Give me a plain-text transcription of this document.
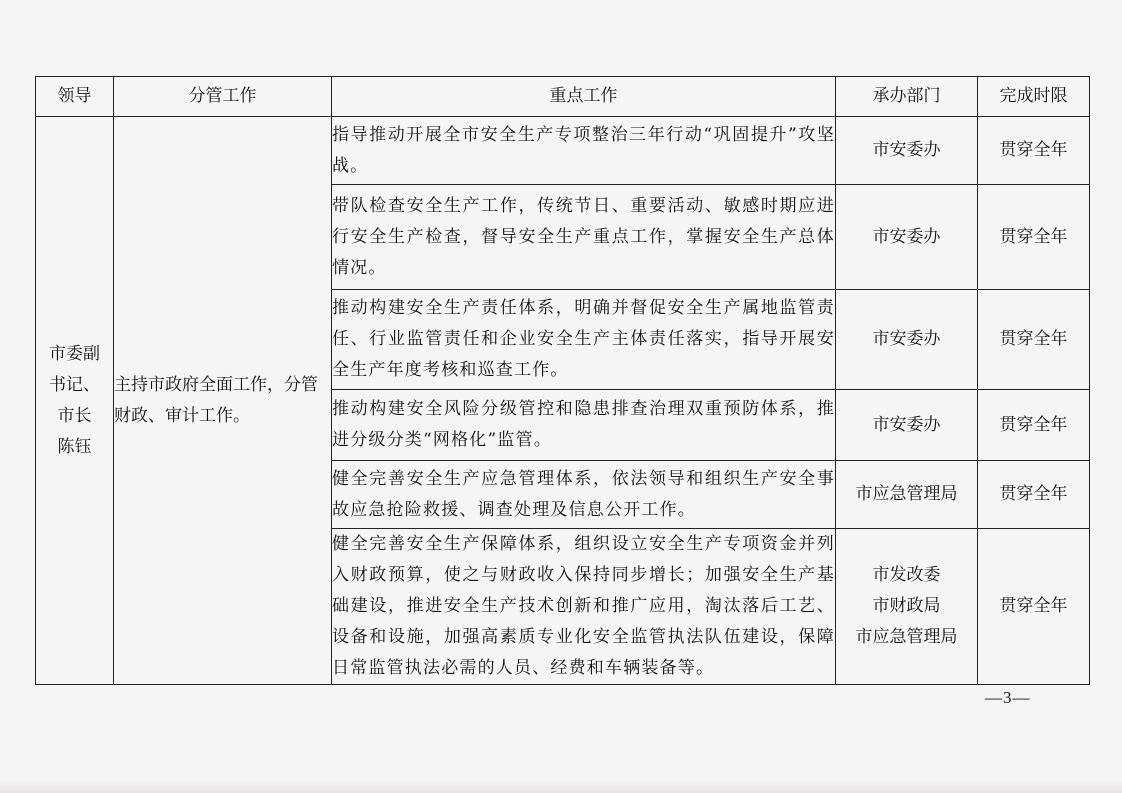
领导	分管工作	重点工作	承办部门	完成时限

市委副
书记、
市长
陈钰	主持市政府全面工作，分管财政、审计工作。	指导推动开展全市安全生产专项整治三年行动“巩固提升”攻坚战。	市安委办	贯穿全年
		带队检查安全生产工作，传统节日、重要活动、敏感时期应进行安全生产检查，督导安全生产重点工作，掌握安全生产总体情况。	市安委办	贯穿全年
		推动构建安全生产责任体系，明确并督促安全生产属地监管责任、行业监管责任和企业安全生产主体责任落实，指导开展安全生产年度考核和巡查工作。	市安委办	贯穿全年
		推动构建安全风险分级管控和隐患排查治理双重预防体系，推进分级分类“网格化”监管。	市安委办	贯穿全年
		健全完善安全生产应急管理体系，依法领导和组织生产安全事故应急抢险救援、调查处理及信息公开工作。	市应急管理局	贯穿全年
		健全完善安全生产保障体系，组织设立安全生产专项资金并列入财政预算，使之与财政收入保持同步增长；加强安全生产基础建设，推进安全生产技术创新和推广应用，淘汰落后工艺、设备和设施，加强高素质专业化安全监管执法队伍建设，保障日常监管执法必需的人员、经费和车辆装备等。	市发改委
市财政局
市应急管理局	贯穿全年
—3—
